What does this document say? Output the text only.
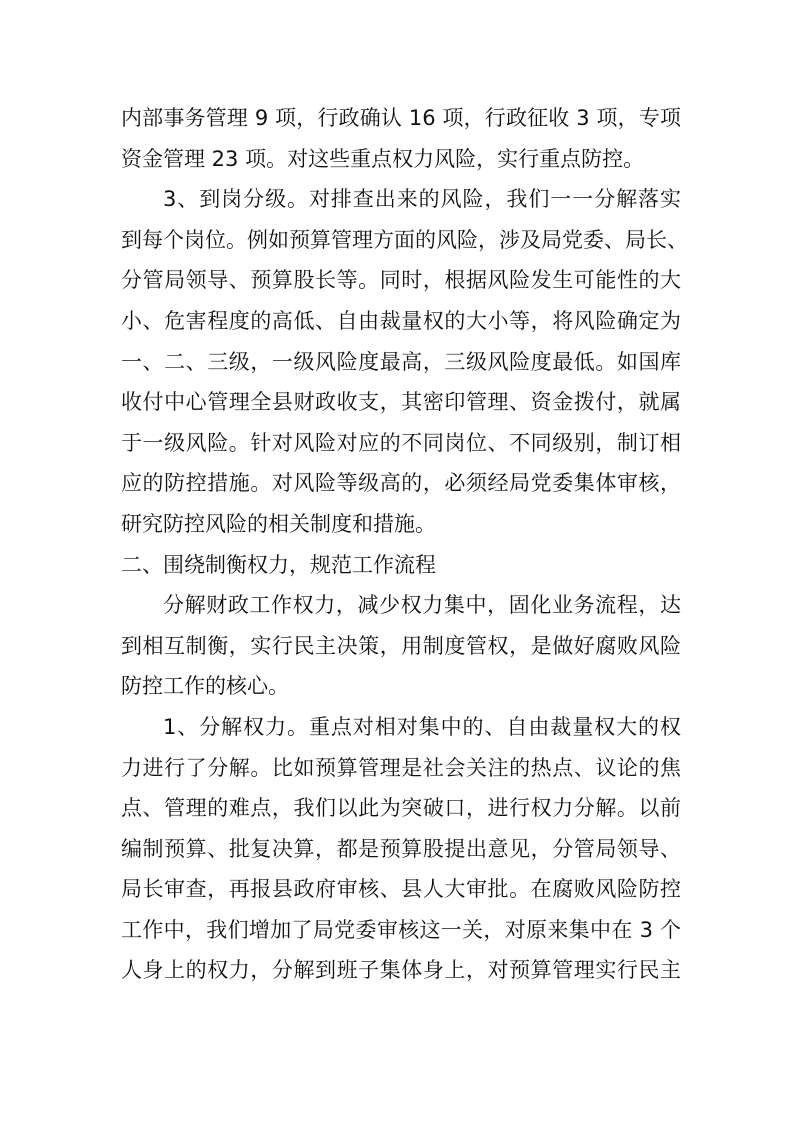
内部事务管理 9 项，行政确认 16 项，行政征收 3 项，专项
资金管理 23 项。对这些重点权力风险，实行重点防控。
3、到岗分级。对排查出来的风险，我们一一分解落实
到每个岗位。例如预算管理方面的风险，涉及局党委、局长、
分管局领导、预算股长等。同时，根据风险发生可能性的大
小、危害程度的高低、自由裁量权的大小等，将风险确定为
一、二、三级，一级风险度最高，三级风险度最低。如国库
收付中心管理全县财政收支，其密印管理、资金拨付，就属
于一级风险。针对风险对应的不同岗位、不同级别，制订相
应的防控措施。对风险等级高的，必须经局党委集体审核，
研究防控风险的相关制度和措施。
二、围绕制衡权力，规范工作流程
分解财政工作权力，减少权力集中，固化业务流程，达
到相互制衡，实行民主决策，用制度管权，是做好腐败风险
防控工作的核心。
1、分解权力。重点对相对集中的、自由裁量权大的权
力进行了分解。比如预算管理是社会关注的热点、议论的焦
点、管理的难点，我们以此为突破口，进行权力分解。以前
编制预算、批复决算，都是预算股提出意见，分管局领导、
局长审查，再报县政府审核、县人大审批。在腐败风险防控
工作中，我们增加了局党委审核这一关，对原来集中在 3 个
人身上的权力，分解到班子集体身上，对预算管理实行民主
